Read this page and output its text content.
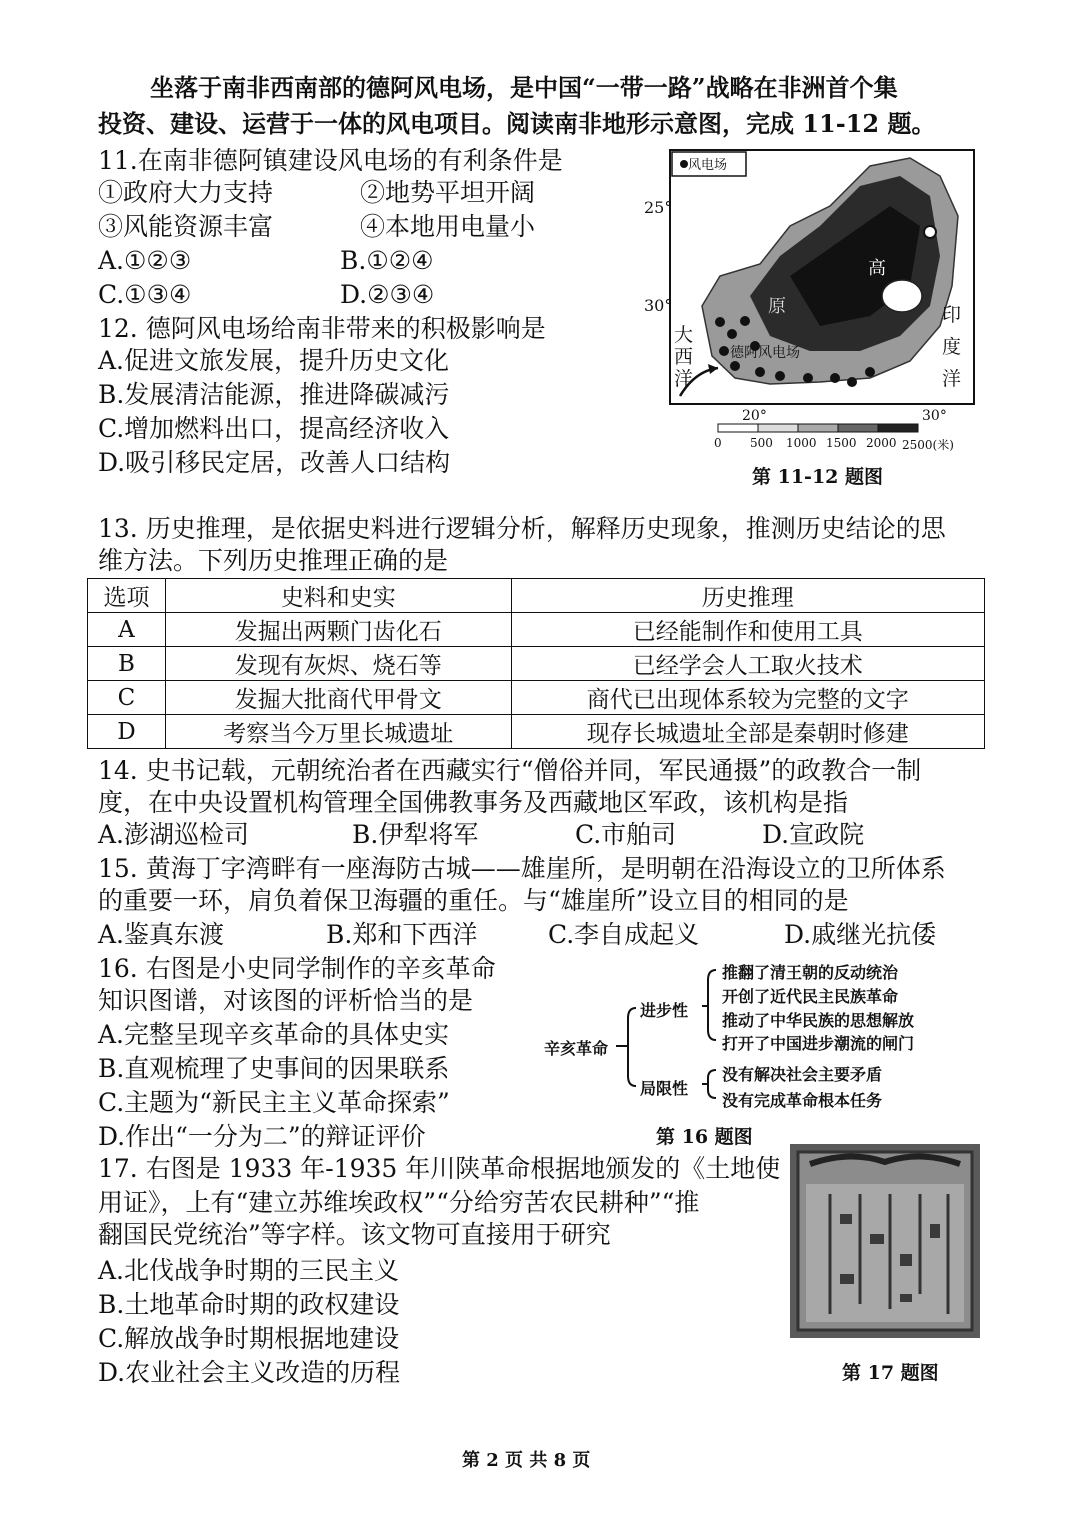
坐落于南非西南部的德阿风电场，是中国“一带一路”战略在非洲首个集
投资、建设、运营于一体的风电项目。阅读南非地形示意图，完成 11-12 题。
11.在南非德阿镇建设风电场的有利条件是
①政府大力支持	②地势平坦开阔
③风能资源丰富	④本地用电量小
A.①②③	B.①②④
C.①③④	D.②③④
12. 德阿风电场给南非带来的积极影响是
A.促进文旅发展，提升历史文化
B.发展清洁能源，推进降碳减污
C.增加燃料出口，提高经济收入
D.吸引移民定居，改善人口结构
风电场
25°
30°
20°	30°
大
西
洋
印
度
洋
高
原
德阿风电场
0 500 1000 1500 2000 2500(米)
第 11-12 题图
13. 历史推理，是依据史料进行逻辑分析，解释历史现象，推测历史结论的思
维方法。下列历史推理正确的是
选项	史料和史实	历史推理
A	发掘出两颗门齿化石	已经能制作和使用工具
B	发现有灰烬、烧石等	已经学会人工取火技术
C	发掘大批商代甲骨文	商代已出现体系较为完整的文字
D	考察当今万里长城遗址	现存长城遗址全部是秦朝时修建
14. 史书记载，元朝统治者在西藏实行“僧俗并同，军民通摄”的政教合一制
度，在中央设置机构管理全国佛教事务及西藏地区军政，该机构是指
A.澎湖巡检司	B.伊犁将军	C.市舶司	D.宣政院
15. 黄海丁字湾畔有一座海防古城——雄崖所，是明朝在沿海设立的卫所体系
的重要一环，肩负着保卫海疆的重任。与“雄崖所”设立目的相同的是
A.鉴真东渡	B.郑和下西洋	C.李自成起义	D.戚继光抗倭
16. 右图是小史同学制作的辛亥革命
知识图谱，对该图的评析恰当的是
A.完整呈现辛亥革命的具体史实
B.直观梳理了史事间的因果联系
C.主题为“新民主主义革命探索”
D.作出“一分为二”的辩证评价
辛亥革命
进步性
局限性
推翻了清王朝的反动统治
开创了近代民主民族革命
推动了中华民族的思想解放
打开了中国进步潮流的闸门
没有解决社会主要矛盾
没有完成革命根本任务
第 16 题图
17. 右图是 1933 年-1935 年川陕革命根据地颁发的《土地使
用证》，上有“建立苏维埃政权”“分给穷苦农民耕种”“推
翻国民党统治”等字样。该文物可直接用于研究
A.北伐战争时期的三民主义
B.土地革命时期的政权建设
C.解放战争时期根据地建设
D.农业社会主义改造的历程	第 17 题图
第 2 页 共 8 页
